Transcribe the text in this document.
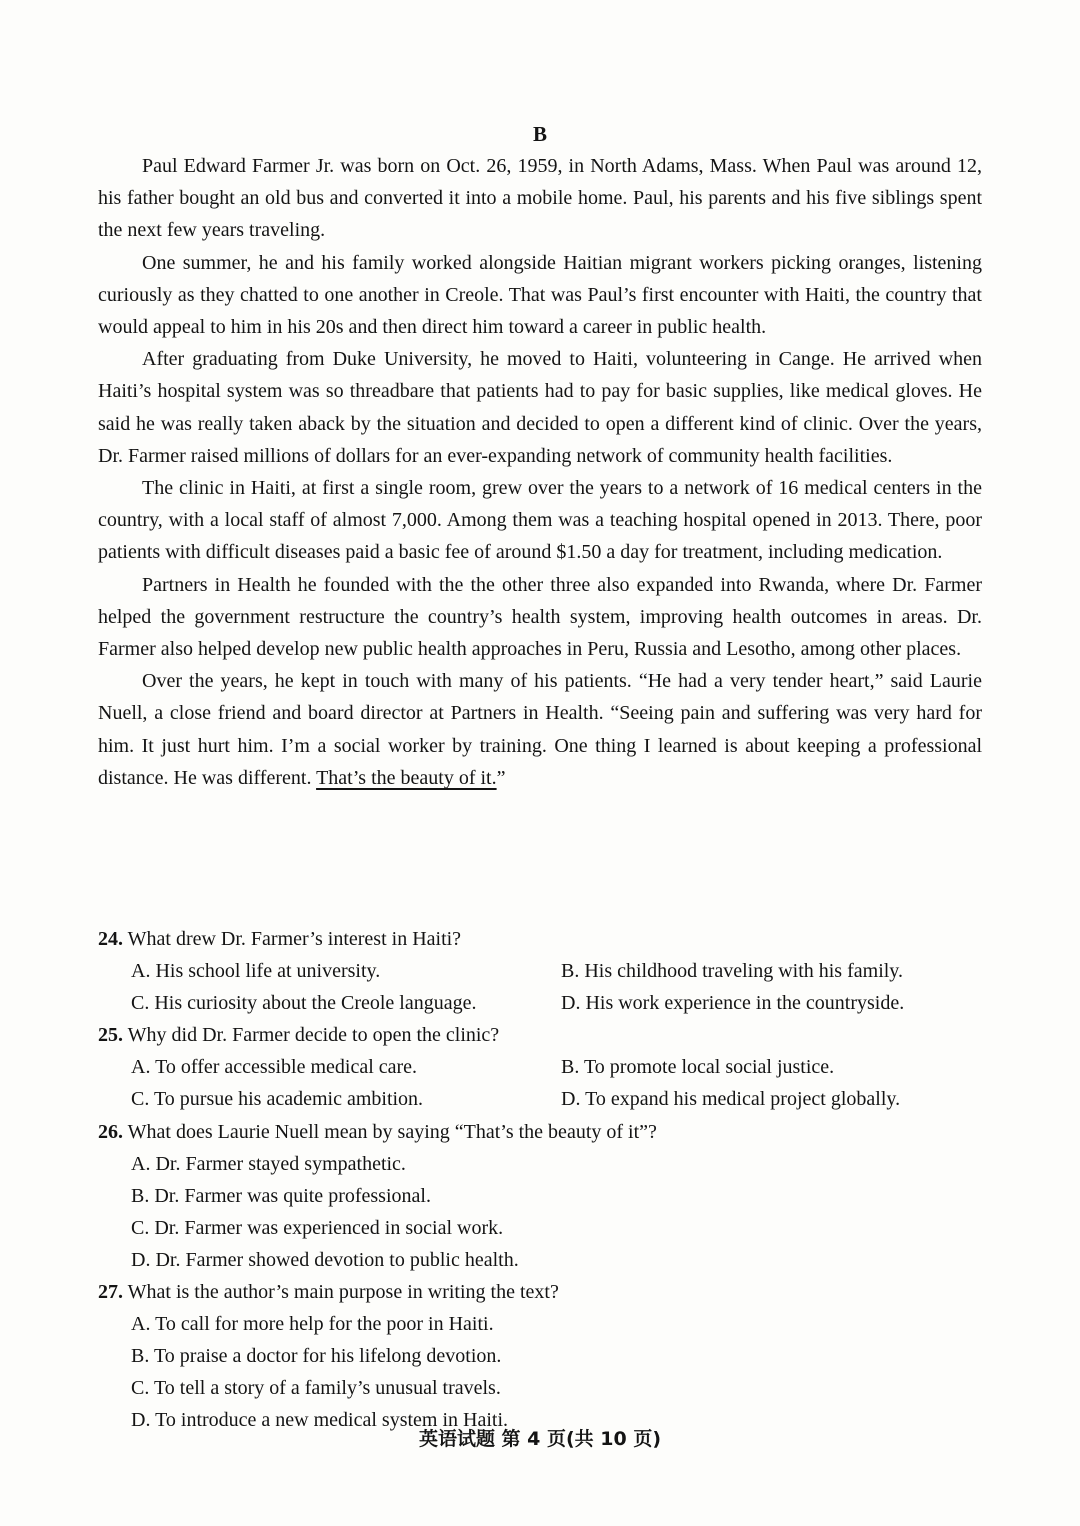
B

Paul Edward Farmer Jr. was born on Oct. 26, 1959, in North Adams, Mass. When Paul was around 12, his father bought an old bus and converted it into a mobile home. Paul, his parents and his five siblings spent the next few years traveling.

One summer, he and his family worked alongside Haitian migrant workers picking oranges, listening curiously as they chatted to one another in Creole. That was Paul’s first encounter with Haiti, the country that would appeal to him in his 20s and then direct him toward a career in public health.

After graduating from Duke University, he moved to Haiti, volunteering in Cange. He arrived when Haiti’s hospital system was so threadbare that patients had to pay for basic supplies, like medical gloves. He said he was really taken aback by the situation and decided to open a different kind of clinic. Over the years, Dr. Farmer raised millions of dollars for an ever-expanding network of community health facilities.

The clinic in Haiti, at first a single room, grew over the years to a network of 16 medical centers in the country, with a local staff of almost 7,000. Among them was a teaching hospital opened in 2013. There, poor patients with difficult diseases paid a basic fee of around $1.50 a day for treatment, including medication.

Partners in Health he founded with the the other three also expanded into Rwanda, where Dr. Farmer helped the government restructure the country’s health system, improving health outcomes in areas. Dr. Farmer also helped develop new public health approaches in Peru, Russia and Lesotho, among other places.

Over the years, he kept in touch with many of his patients. “He had a very tender heart,” said Laurie Nuell, a close friend and board director at Partners in Health. “Seeing pain and suffering was very hard for him. It just hurt him. I’m a social worker by training. One thing I learned is about keeping a professional distance. He was different. That’s the beauty of it.”

24. What drew Dr. Farmer’s interest in Haiti?

A. His school life at university.	B. His childhood traveling with his family.
C. His curiosity about the Creole language.	D. His work experience in the countryside.

25. Why did Dr. Farmer decide to open the clinic?

A. To offer accessible medical care.	B. To promote local social justice.
C. To pursue his academic ambition.	D. To expand his medical project globally.

26. What does Laurie Nuell mean by saying “That’s the beauty of it”?

A. Dr. Farmer stayed sympathetic.
B. Dr. Farmer was quite professional.
C. Dr. Farmer was experienced in social work.
D. Dr. Farmer showed devotion to public health.

27. What is the author’s main purpose in writing the text?

A. To call for more help for the poor in Haiti.
B. To praise a doctor for his lifelong devotion.
C. To tell a story of a family’s unusual travels.
D. To introduce a new medical system in Haiti.
英语试题 第 4 页(共 10 页)
